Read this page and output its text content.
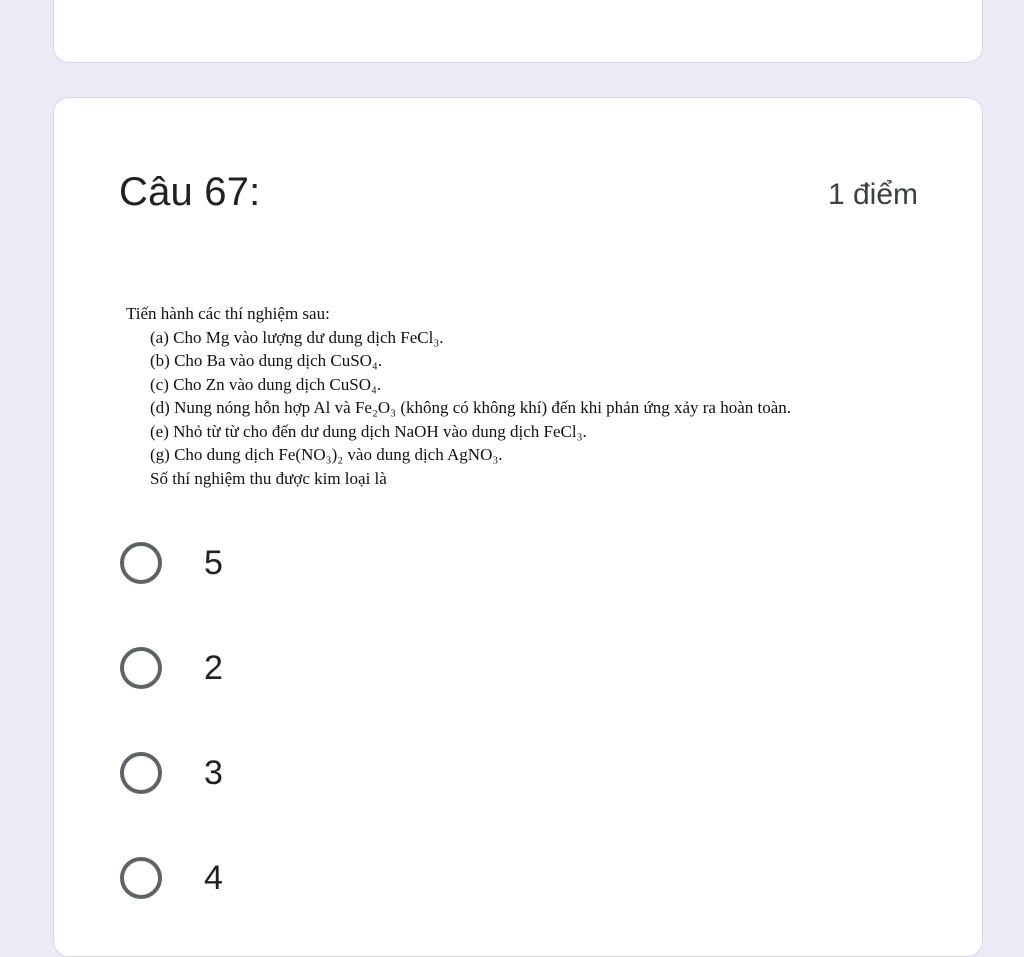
Câu 67:	1 điểm
Tiến hành các thí nghiệm sau:
(a) Cho Mg vào lượng dư dung dịch FeCl₃.
(b) Cho Ba vào dung dịch CuSO₄.
(c) Cho Zn vào dung dịch CuSO₄.
(d) Nung nóng hỗn hợp Al và Fe₂O₃ (không có không khí) đến khi phản ứng xảy ra hoàn toàn.
(e) Nhỏ từ từ cho đến dư dung dịch NaOH vào dung dịch FeCl₃.
(g) Cho dung dịch Fe(NO₃)₂ vào dung dịch AgNO₃.
Số thí nghiệm thu được kim loại là
5
2
3
4
